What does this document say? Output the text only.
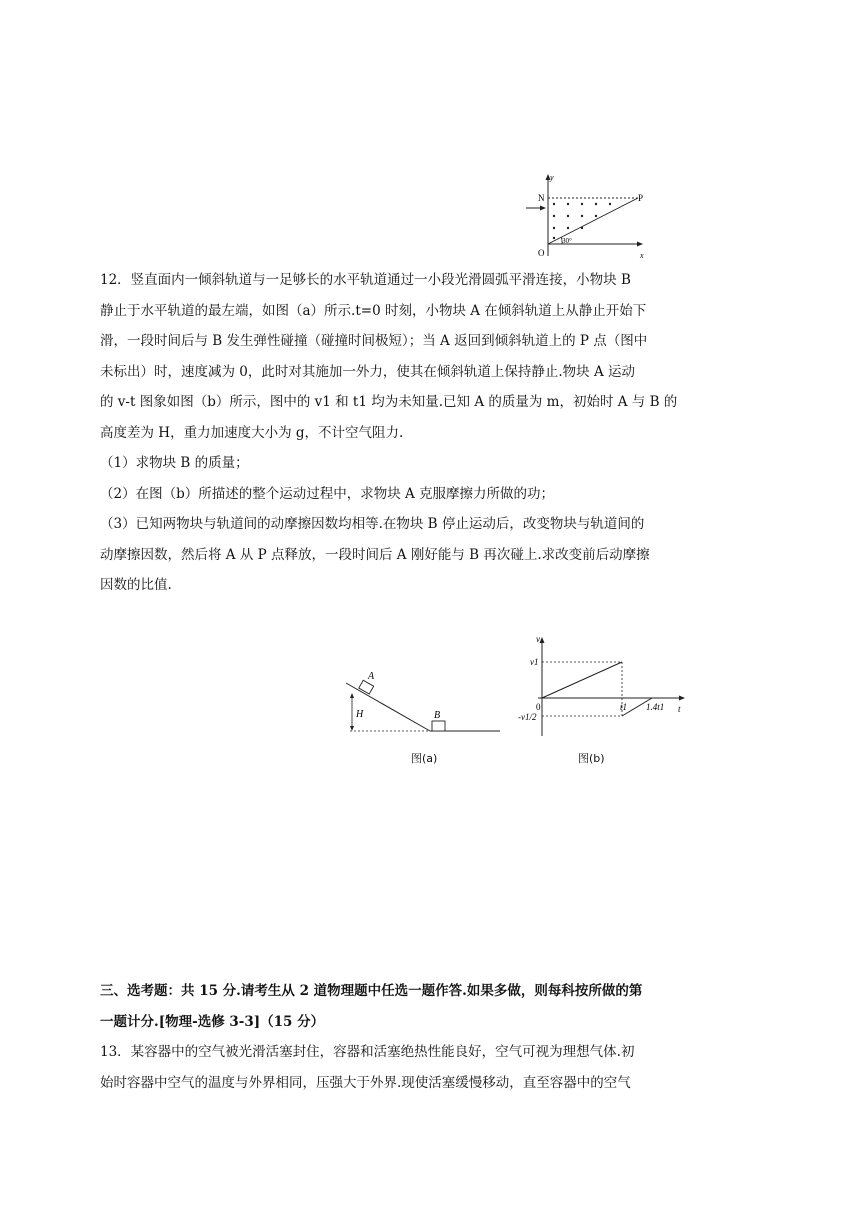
y
x
N	P
O
30°

12．竖直面内一倾斜轨道与一足够长的水平轨道通过一小段光滑圆弧平滑连接，小物块 B

静止于水平轨道的最左端，如图（a）所示.t=0 时刻，小物块 A 在倾斜轨道上从静止开始下

滑，一段时间后与 B 发生弹性碰撞（碰撞时间极短）；当 A 返回到倾斜轨道上的 P 点（图中

未标出）时，速度减为 0，此时对其施加一外力，使其在倾斜轨道上保持静止.物块 A 运动

的 v-t 图象如图（b）所示，图中的 v1 和 t1 均为未知量.已知 A 的质量为 m，初始时 A 与 B 的

高度差为 H，重力加速度大小为 g，不计空气阻力.

（1）求物块 B 的质量；

（2）在图（b）所描述的整个运动过程中，求物块 A 克服摩擦力所做的功；

（3）已知两物块与轨道间的动摩擦因数均相等.在物块 B 停止运动后，改变物块与轨道间的

动摩擦因数，然后将 A 从 P 点释放，一段时间后 A 刚好能与 B 再次碰上.求改变前后动摩擦

因数的比值.

A
H	B
图(a)
v
t
0
v1
-v1/2
t1 1.4t1
图(b)

三、选考题：共 15 分.请考生从 2 道物理题中任选一题作答.如果多做，则每科按所做的第

一题计分.[物理-选修 3-3]（15 分）

13．某容器中的空气被光滑活塞封住，容器和活塞绝热性能良好，空气可视为理想气体.初

始时容器中空气的温度与外界相同，压强大于外界.现使活塞缓慢移动，直至容器中的空气
